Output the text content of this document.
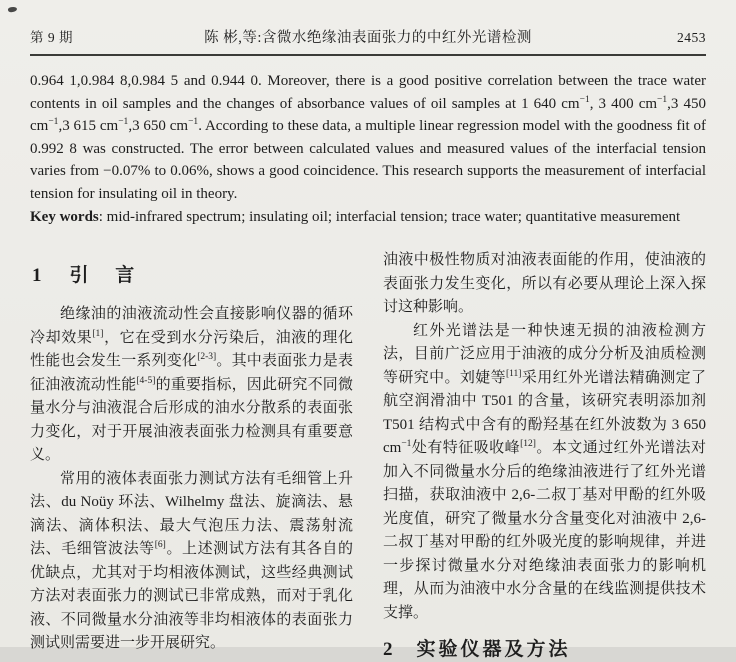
第 9 期	陈 彬,等:含微水绝缘油表面张力的中红外光谱检测	2453
0.964 1,0.984 8,0.984 5 and 0.944 0. Moreover, there is a good positive correlation between the trace water contents in oil samples and the changes of absorbance values of oil samples at 1 640 $cm^{-1}$, 3 400 $cm^{-1},3$ 450 $cm^{-1},3$ 615 $cm^{-1},3$ 650 $cm^{-1}$. According to these data, a multiple linear regression model with the goodness fit of 0.992 8 was constructed. The error between calculated values and measured values of the interfacial tension varies from −0.07% to 0.06%, shows a good coincidence. This research supports the measurement of interfacial tension for insulating oil in theory.
Key words: mid-infrared spectrum; insulating oil; interfacial tension; trace water; quantitative measurement
1 引 言

绝缘油的油液流动性会直接影响仪器的循环冷却效果[1]，它在受到水分污染后，油液的理化性能也会发生一系列变化[2-3]。其中表面张力是表征油液流动性能[4-5]的重要指标，因此研究不同微量水分与油液混合后形成的油水分散系的表面张力变化，对于开展油液表面张力检测具有重要意义。

常用的液体表面张力测试方法有毛细管上升法、du Noüy 环法、Wilhelmy 盘法、旋滴法、悬滴法、滴体积法、最大气泡压力法、震荡射流法、毛细管波法等[6]。上述测试方法有其各自的优缺点，尤其对于均相液体测试，这些经典测试方法对表面张力的测试已非常成熟，而对于乳化液、不同微量水分油液等非均相液体的表面张力测试则需要进一步开展研究。

油液中极性物质对油液表面能的作用，使油液的表面张力发生变化，所以有必要从理论上深入探讨这种影响。

红外光谱法是一种快速无损的油液检测方法，目前广泛应用于油液的成分分析及油质检测等研究中。刘婕等[11]采用红外光谱法精确测定了航空润滑油中 T501 的含量，该研究表明添加剂 T501 结构式中含有的酚羟基在红外波数为 3 650 $cm^{-1}$处有特征吸收峰[12]。本文通过红外光谱法对加入不同微量水分后的绝缘油液进行了红外光谱扫描，获取油液中 2,6-二叔丁基对甲酚的红外吸光度值，研究了微量水分含量变化对油液中 2,6-二叔丁基对甲酚的红外吸光度的影响规律，并进一步探讨微量水分对绝缘油表面张力的影响机理，从而为油液中水分含量的在线监测提供技术支撑。

2 实验仪器及方法
